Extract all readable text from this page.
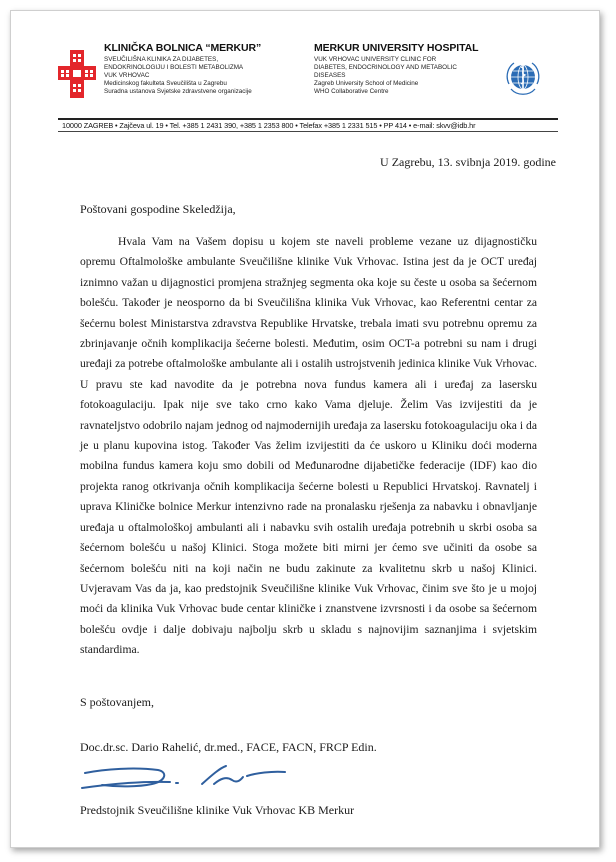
KLINIČKA BOLNICA “MERKUR”
SVEUČILIŠNA KLINIKA ZA DIJABETES,
ENDOKRINOLOGIJU I BOLESTI METABOLIZMA
VUK VRHOVAC
Medicinskog fakulteta Sveučilišta u Zagrebu
Suradna ustanova Svjetske zdravstvene organizacije
MERKUR UNIVERSITY HOSPITAL
VUK VRHOVAC UNIVERSITY CLINIC FOR
DIABETES, ENDOCRINOLOGY AND METABOLIC
DISEASES
Zagreb University School of Medicine
WHO Collaborative Centre
10000 ZAGREB • Zajčeva ul. 19 • Tel. +385 1 2431 390, +385 1 2353 800 • Telefax +385 1 2331 515 • PP 414 • e-mail: skvv@idb.hr
U Zagrebu, 13. svibnja 2019. godine
Poštovani gospodine Skeledžija,

Hvala Vam na Vašem dopisu u kojem ste naveli probleme vezane uz dijagnostičku opremu Oftalmološke ambulante Sveučilišne klinike Vuk Vrhovac. Istina jest da je OCT uređaj iznimno važan u dijagnostici promjena stražnjeg segmenta oka koje su česte u osoba sa šećernom bolešću. Također je neosporno da bi Sveučilišna klinika Vuk Vrhovac, kao Referentni centar za šećernu bolest Ministarstva zdravstva Republike Hrvatske, trebala imati svu potrebnu opremu za zbrinjavanje očnih komplikacija šećerne bolesti. Međutim, osim OCT-a potrebni su nam i drugi uređaji za potrebe oftalmološke ambulante ali i ostalih ustrojstvenih jedinica klinike Vuk Vrhovac. U pravu ste kad navodite da je potrebna nova fundus kamera ali i uređaj za lasersku fotokoagulaciju. Ipak nije sve tako crno kako Vama djeluje. Želim Vas izvijestiti da je ravnateljstvo odobrilo najam jednog od najmodernijih uređaja za lasersku fotokoagulaciju oka i da je u planu kupovina istog. Također Vas želim izvijestiti da će uskoro u Kliniku doći moderna mobilna fundus kamera koju smo dobili od Međunarodne dijabetičke federacije (IDF) kao dio projekta ranog otkrivanja očnih komplikacija šećerne bolesti u Republici Hrvatskoj. Ravnatelj i uprava Kliničke bolnice Merkur intenzivno rade na pronalasku rješenja za nabavku i obnavljanje uređaja u oftalmološkoj ambulanti ali i nabavku svih ostalih uređaja potrebnih u skrbi osoba sa šećernom bolešću u našoj Klinici. Stoga možete biti mirni jer ćemo sve učiniti da osobe sa šećernom bolešću niti na koji način ne budu zakinute za kvalitetnu skrb u našoj Klinici. Uvjeravam Vas da ja, kao predstojnik Sveučilišne klinike Vuk Vrhovac, činim sve što je u mojoj moći da klinika Vuk Vrhovac bude centar kliničke i znanstvene izvrsnosti i da osobe sa šećernom bolešću ovdje i dalje dobivaju najbolju skrb u skladu s najnovijim saznanjima i svjetskim standardima.

S poštovanjem,
Doc.dr.sc. Dario Rahelić, dr.med., FACE, FACN, FRCP Edin.
Predstojnik Sveučilišne klinike Vuk Vrhovac KB Merkur
